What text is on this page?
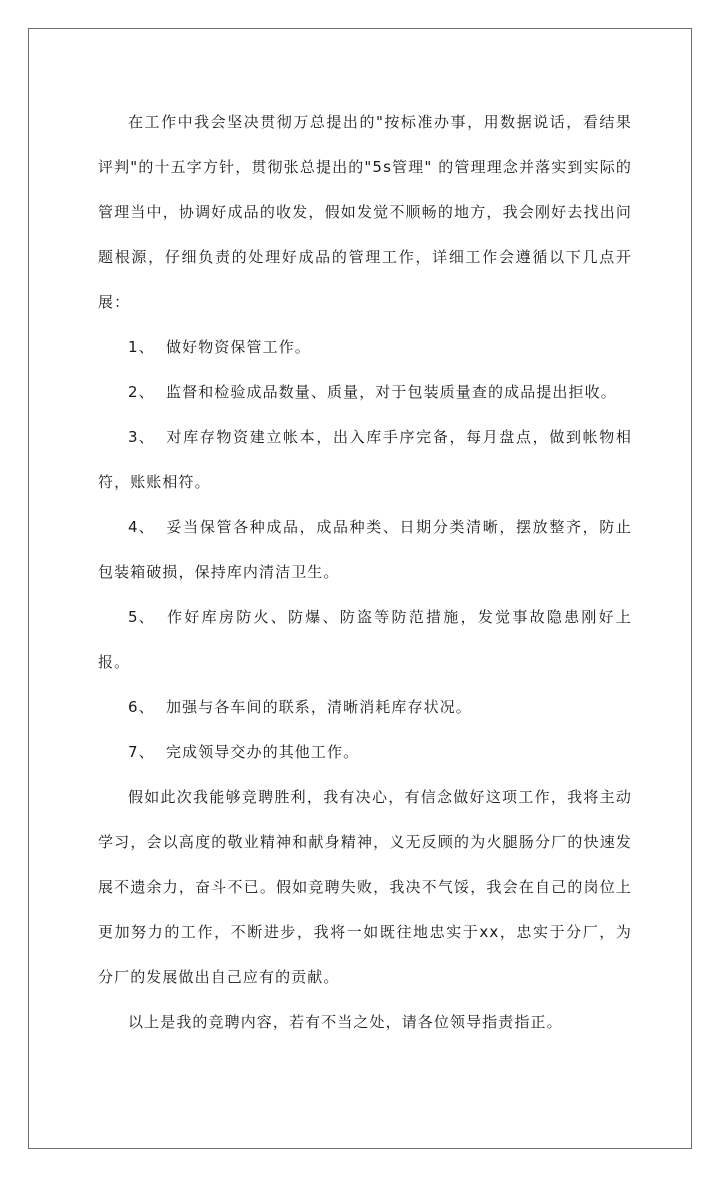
在工作中我会坚决贯彻万总提出的"按标准办事，用数据说话，看结果评判"的十五字方针，贯彻张总提出的"5s管理" 的管理理念并落实到实际的管理当中，协调好成品的收发，假如发觉不顺畅的地方，我会刚好去找出问题根源，仔细负责的处理好成品的管理工作，详细工作会遵循以下几点开展：

1、 做好物资保管工作。

2、 监督和检验成品数量、质量，对于包装质量查的成品提出拒收。

3、 对库存物资建立帐本，出入库手序完备，每月盘点，做到帐物相符，账账相符。

4、 妥当保管各种成品，成品种类、日期分类清晰，摆放整齐，防止包装箱破损，保持库内清洁卫生。

5、 作好库房防火、防爆、防盗等防范措施，发觉事故隐患刚好上报。

6、 加强与各车间的联系，清晰消耗库存状况。

7、 完成领导交办的其他工作。

假如此次我能够竞聘胜利，我有决心，有信念做好这项工作，我将主动学习，会以高度的敬业精神和献身精神，义无反顾的为火腿肠分厂的快速发展不遗余力，奋斗不已。假如竞聘失败，我决不气馁，我会在自己的岗位上更加努力的工作，不断进步，我将一如既往地忠实于xx，忠实于分厂，为分厂的发展做出自己应有的贡献。

以上是我的竞聘内容，若有不当之处，请各位领导指责指正。
